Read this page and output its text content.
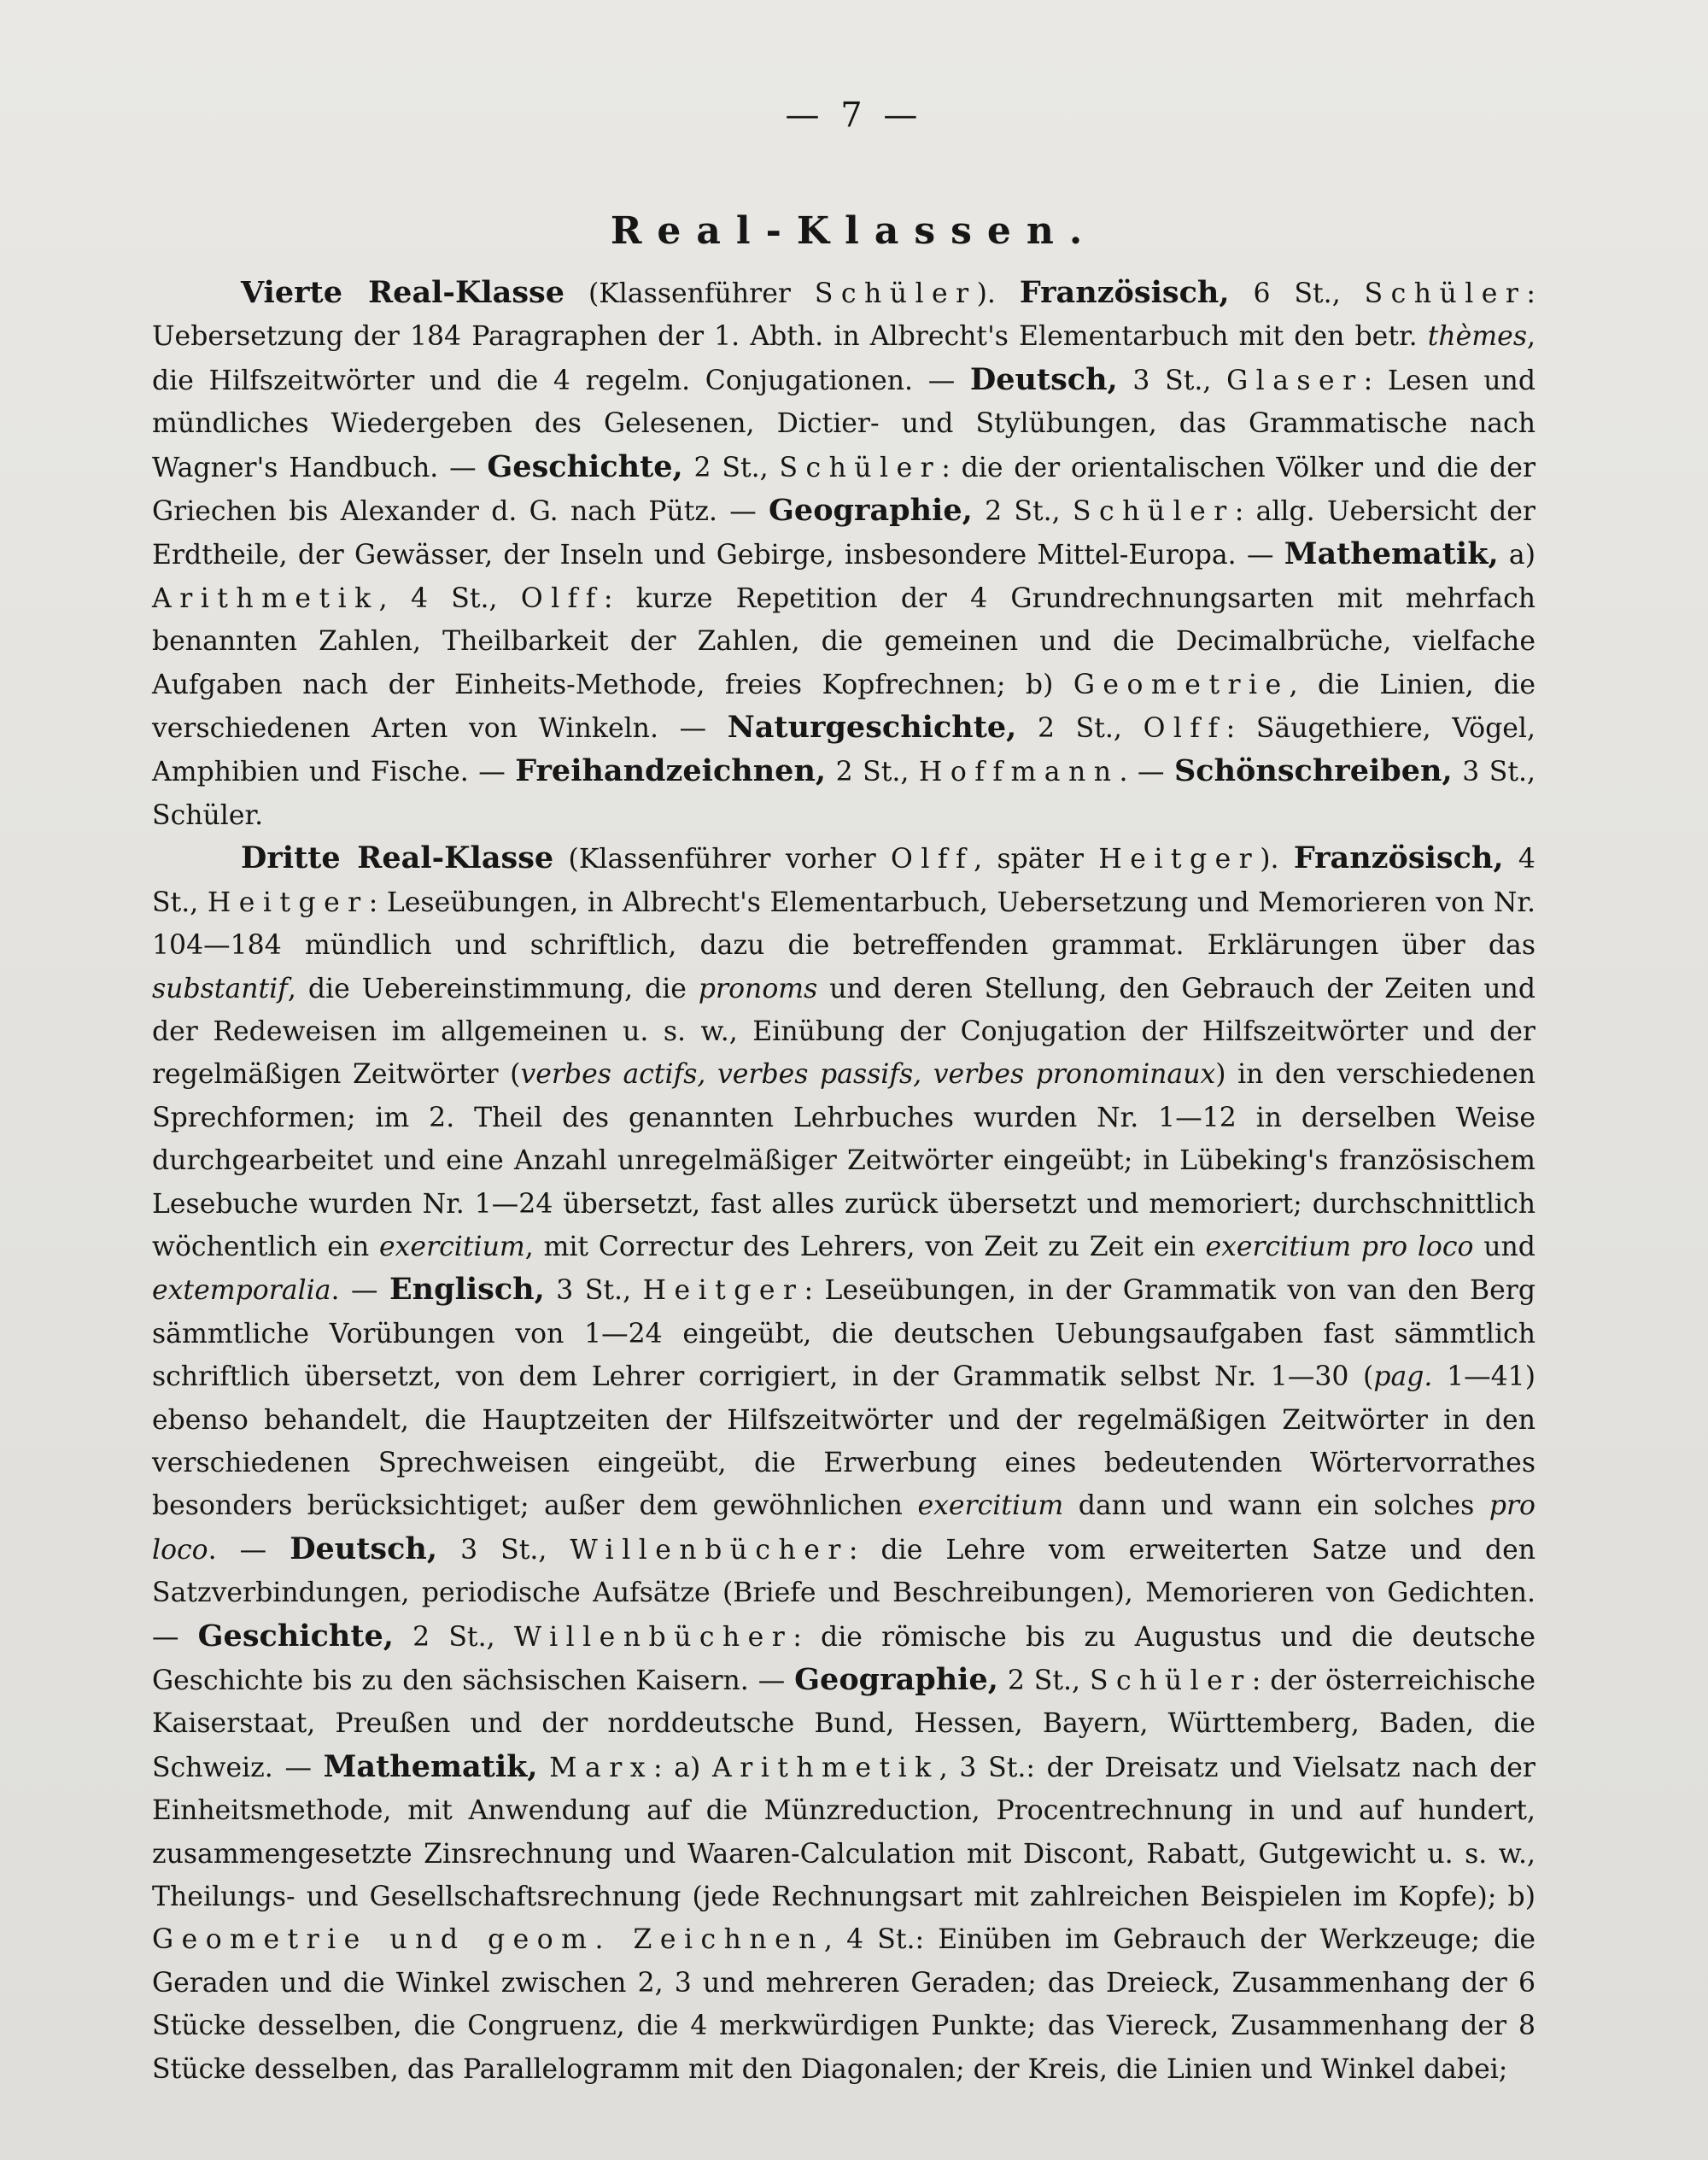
— 7 —
Real-Klassen.

Vierte Real-Klasse (Klassenführer Schüler). Französisch, 6 St., Schüler: Uebersetzung der 184 Paragraphen der 1. Abth. in Albrecht's Elementarbuch mit den betr. thèmes, die Hilfszeitwörter und die 4 regelm. Conjugationen. — Deutsch, 3 St., Glaser: Lesen und mündliches Wiedergeben des Gelesenen, Dictier- und Stylübungen, das Grammatische nach Wagner's Handbuch. — Geschichte, 2 St., Schüler: die der orientalischen Völker und die der Griechen bis Alexander d. G. nach Pütz. — Geographie, 2 St., Schüler: allg. Uebersicht der Erdtheile, der Gewässer, der Inseln und Gebirge, insbesondere Mittel-Europa. — Mathematik, a) Arithmetik, 4 St., Olff: kurze Repetition der 4 Grundrechnungsarten mit mehrfach benannten Zahlen, Theilbarkeit der Zahlen, die gemeinen und die Decimalbrüche, vielfache Aufgaben nach der Einheits-Methode, freies Kopfrechnen; b) Geometrie, die Linien, die verschiedenen Arten von Winkeln. — Naturgeschichte, 2 St., Olff: Säugethiere, Vögel, Amphibien und Fische. — Freihandzeichnen, 2 St., Hoffmann. — Schönschreiben, 3 St., Schüler.

Dritte Real-Klasse (Klassenführer vorher Olff, später Heitger). Französisch, 4 St., Heitger: Leseübungen, in Albrecht's Elementarbuch, Uebersetzung und Memorieren von Nr. 104—184 mündlich und schriftlich, dazu die betreffenden grammat. Erklärungen über das substantif, die Uebereinstimmung, die pronoms und deren Stellung, den Gebrauch der Zeiten und der Redeweisen im allgemeinen u. s. w., Einübung der Conjugation der Hilfszeitwörter und der regelmäßigen Zeitwörter (verbes actifs, verbes passifs, verbes pronominaux) in den verschiedenen Sprechformen; im 2. Theil des genannten Lehrbuches wurden Nr. 1—12 in derselben Weise durchgearbeitet und eine Anzahl unregelmäßiger Zeitwörter eingeübt; in Lübeking's französischem Lesebuche wurden Nr. 1—24 übersetzt, fast alles zurück übersetzt und memoriert; durchschnittlich wöchentlich ein exercitium, mit Correctur des Lehrers, von Zeit zu Zeit ein exercitium pro loco und extemporalia. — Englisch, 3 St., Heitger: Leseübungen, in der Grammatik von van den Berg sämmtliche Vorübungen von 1—24 eingeübt, die deutschen Uebungsaufgaben fast sämmtlich schriftlich übersetzt, von dem Lehrer corrigiert, in der Grammatik selbst Nr. 1—30 (pag. 1—41) ebenso behandelt, die Hauptzeiten der Hilfszeitwörter und der regelmäßigen Zeitwörter in den verschiedenen Sprechweisen eingeübt, die Erwerbung eines bedeutenden Wörtervorrathes besonders berücksichtiget; außer dem gewöhnlichen exercitium dann und wann ein solches pro loco. — Deutsch, 3 St., Willenbücher: die Lehre vom erweiterten Satze und den Satzverbindungen, periodische Aufsätze (Briefe und Beschreibungen), Memorieren von Gedichten. — Geschichte, 2 St., Willenbücher: die römische bis zu Augustus und die deutsche Geschichte bis zu den sächsischen Kaisern. — Geographie, 2 St., Schüler: der österreichische Kaiserstaat, Preußen und der norddeutsche Bund, Hessen, Bayern, Württemberg, Baden, die Schweiz. — Mathematik, Marx: a) Arithmetik, 3 St.: der Dreisatz und Vielsatz nach der Einheitsmethode, mit Anwendung auf die Münzreduction, Procentrechnung in und auf hundert, zusammengesetzte Zinsrechnung und Waaren-Calculation mit Discont, Rabatt, Gutgewicht u. s. w., Theilungs- und Gesellschaftsrechnung (jede Rechnungsart mit zahlreichen Beispielen im Kopfe); b) Geometrie und geom. Zeichnen, 4 St.: Einüben im Gebrauch der Werkzeuge; die Geraden und die Winkel zwischen 2, 3 und mehreren Geraden; das Dreieck, Zusammenhang der 6 Stücke desselben, die Congruenz, die 4 merkwürdigen Punkte; das Viereck, Zusammenhang der 8 Stücke desselben, das Parallelogramm mit den Diagonalen; der Kreis, die Linien und Winkel dabei;
